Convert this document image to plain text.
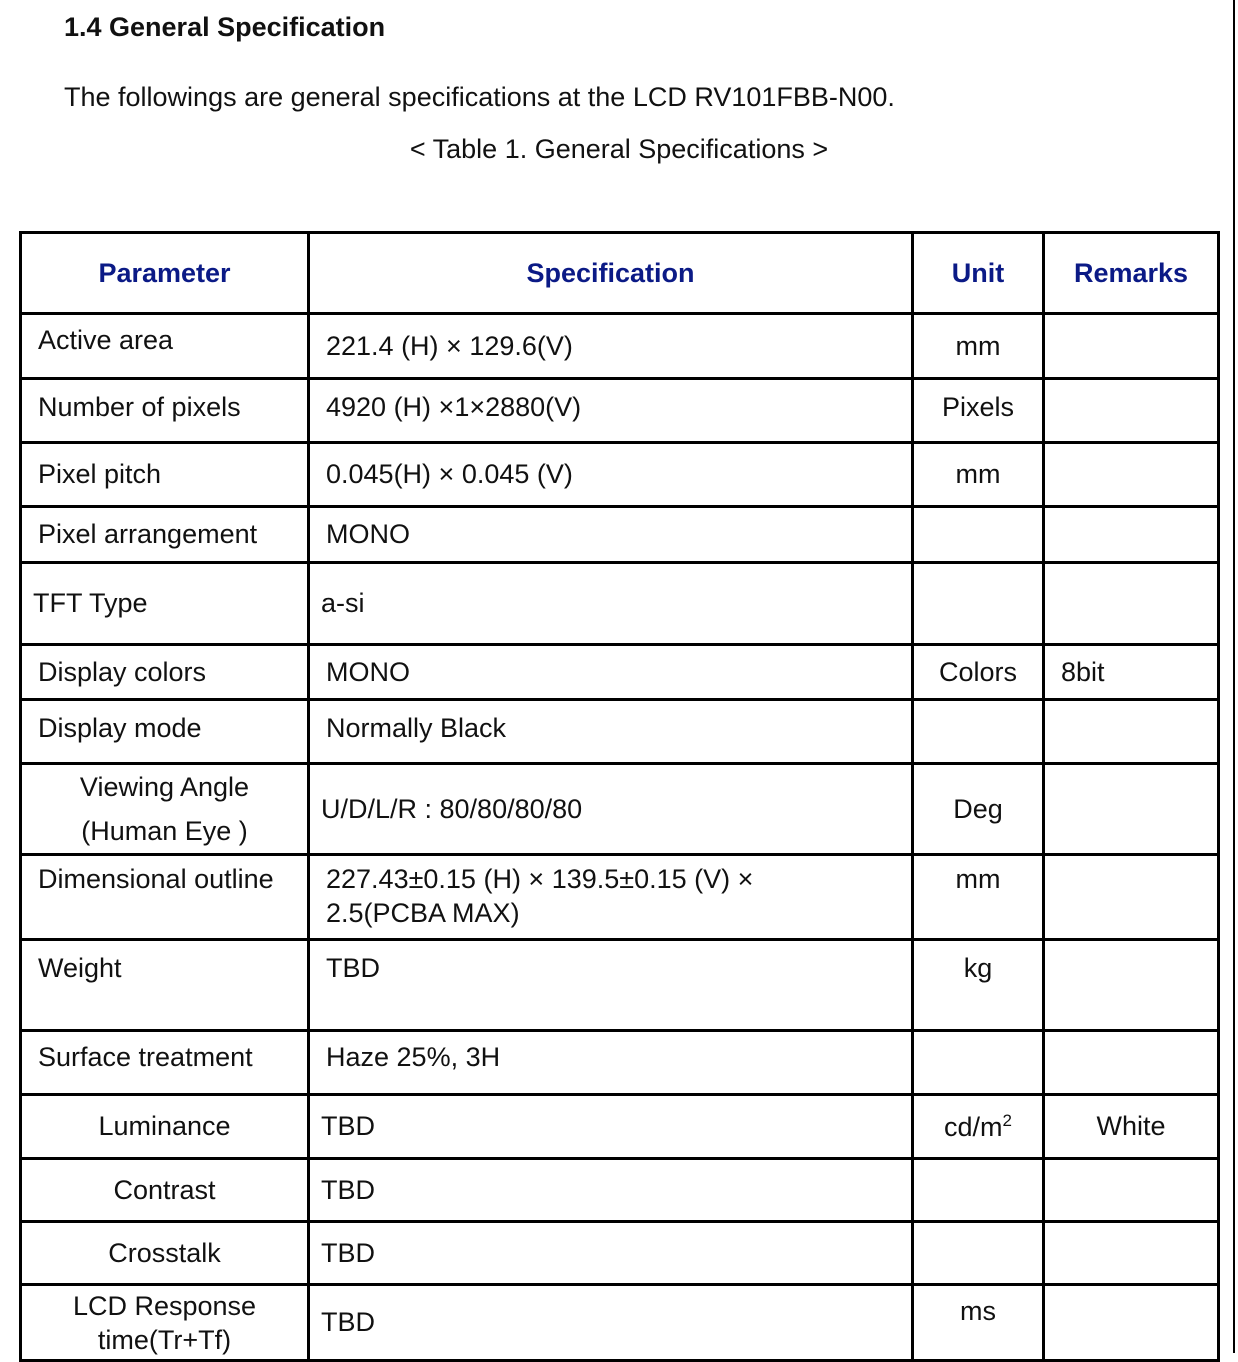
1.4 General Specification
The followings are general specifications at the LCD RV101FBB-N00.
< Table 1. General Specifications >
Parameter	Specification	Unit	Remarks
Active area	221.4 (H) × 129.6(V)	mm	
Number of pixels	4920 (H) ×1×2880(V)	Pixels	
Pixel pitch	0.045(H) × 0.045 (V)	mm	
Pixel arrangement	MONO		
TFT Type	a-si		
Display colors	MONO	Colors	8bit
Display mode	Normally Black		

Viewing Angle
(Human Eye )	U/D/L/R : 80/80/80/80	Deg	
Dimensional outline	227.43±0.15 (H) × 139.5±0.15 (V) ×
2.5(PCBA MAX)	mm	
Weight	TBD	kg	
Surface treatment	Haze 25%, 3H		
Luminance	TBD	$cd/m^2$	White
Contrast	TBD		
Crosstalk	TBD		

LCD Response
time(Tr+Tf)	TBD	ms	
